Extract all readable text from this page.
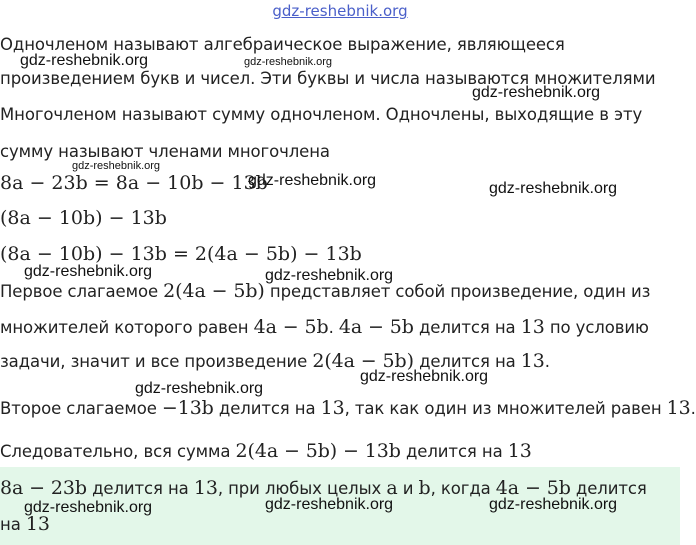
gdz-reshebnik.org
Одночленом называют алгебраическое выражение, являющееся
gdz-reshebnik.org	gdz-reshebnik.org
произведением букв и чисел. Эти буквы и числа называются множителями
gdz-reshebnik.org
Многочленом называют сумму одночленом. Одночлены, выходящие в эту
сумму называют членами многочлена
gdz-reshebnik.org
8a − 23b = 8a − 10b − 13b
gdz-reshebnik.org	gdz-reshebnik.org
(8a − 10b) − 13b
(8a − 10b) − 13b = 2(4a − 5b) − 13b
gdz-reshebnik.org	gdz-reshebnik.org
Первое слагаемое 2(4a − 5b) представляет собой произведение, один из
множителей которого равен 4a − 5b. 4a − 5b делится на 13 по условию
задачи, значит и все произведение 2(4a − 5b) делится на 13.
gdz-reshebnik.org
gdz-reshebnik.org
Второе слагаемое −13b делится на 13, так как один из множителей равен 13.
Следовательно, вся сумма 2(4a − 5b) − 13b делится на 13
8a − 23b делится на 13, при любых целых a и b, когда 4a − 5b делится
gdz-reshebnik.org	gdz-reshebnik.org	gdz-reshebnik.org
на 13
